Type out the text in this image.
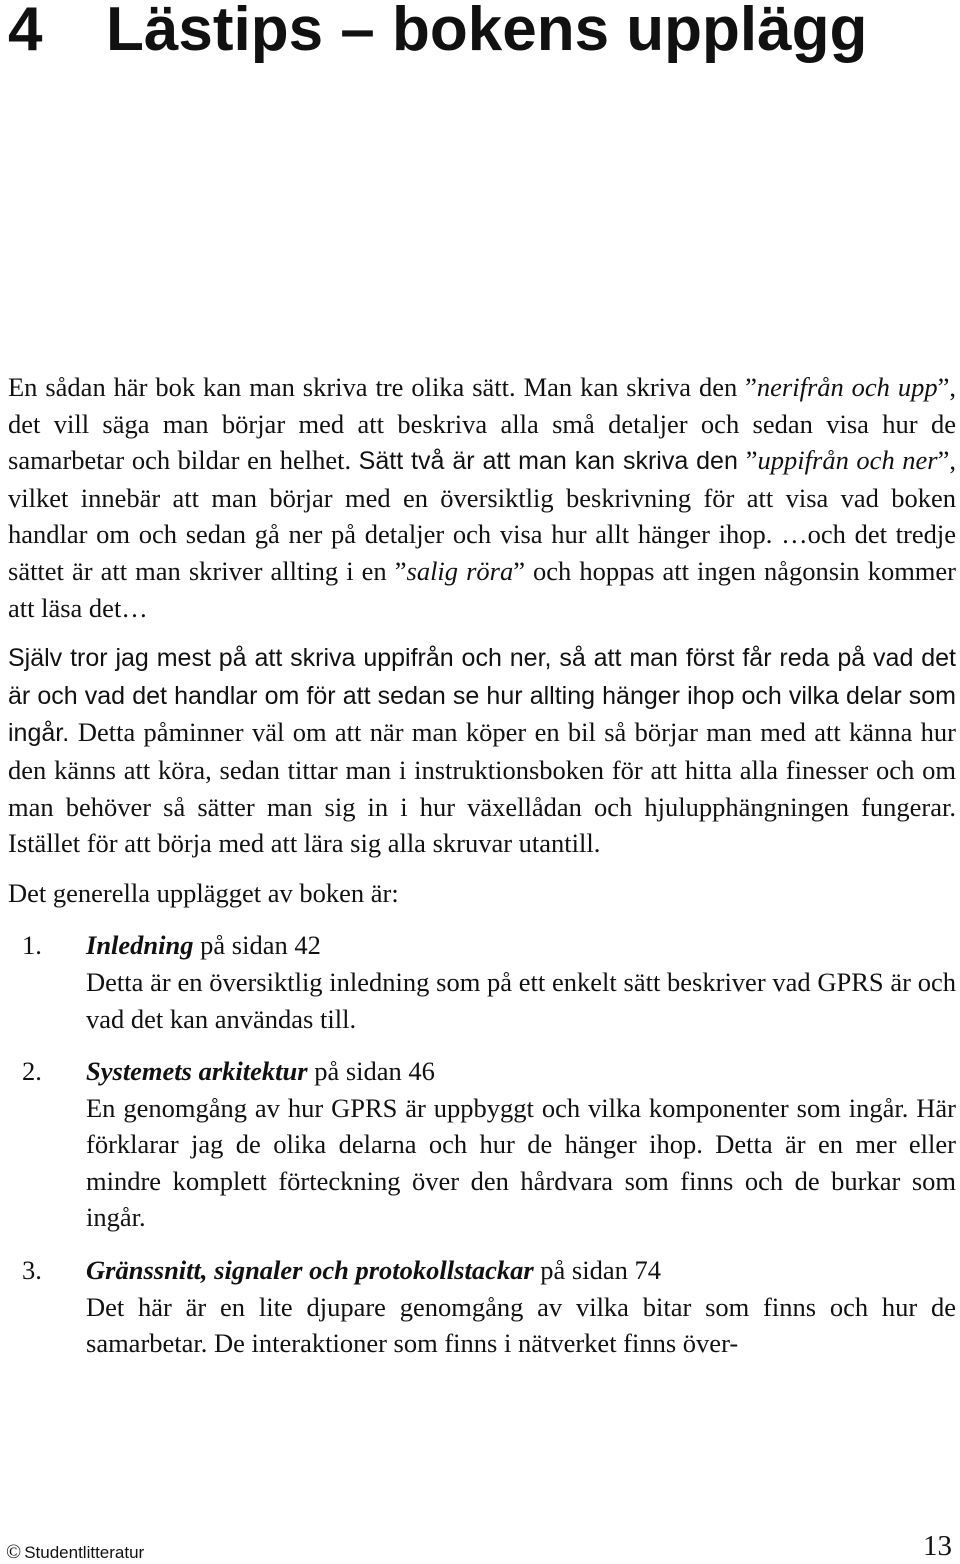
4 Lästips – bokens upplägg

En sådan här bok kan man skriva tre olika sätt. Man kan skriva den ”nerifrån och upp”, det vill säga man börjar med att beskriva alla små detaljer och sedan visa hur de samarbetar och bildar en helhet. Sätt två är att man kan skriva den ”uppifrån och ner”, vilket innebär att man börjar med en översiktlig beskrivning för att visa vad boken handlar om och sedan gå ner på detaljer och visa hur allt hänger ihop. …och det tredje sättet är att man skriver allting i en ”salig röra” och hoppas att ingen någonsin kommer att läsa det…

Själv tror jag mest på att skriva uppifrån och ner, så att man först får reda på vad det är och vad det handlar om för att sedan se hur allting hänger ihop och vilka delar som ingår. Detta påminner väl om att när man köper en bil så börjar man med att känna hur den känns att köra, sedan tittar man i instruktionsboken för att hitta alla finesser och om man behöver så sätter man sig in i hur växellådan och hjulupphängningen fungerar. Istället för att börja med att lära sig alla skruvar utantill.

Det generella upplägget av boken är:

1. Inledning på sidan 42
Detta är en översiktlig inledning som på ett enkelt sätt beskriver vad GPRS är och vad det kan användas till.
2. Systemets arkitektur på sidan 46
En genomgång av hur GPRS är uppbyggt och vilka komponenter som ingår. Här förklarar jag de olika delarna och hur de hänger ihop. Detta är en mer eller mindre komplett förteckning över den hårdvara som finns och de burkar som ingår.
3. Gränssnitt, signaler och protokollstackar på sidan 74
Det här är en lite djupare genomgång av vilka bitar som finns och hur de samarbetar. De interaktioner som finns i nätverket finns över-
© Studentlitteratur	13
